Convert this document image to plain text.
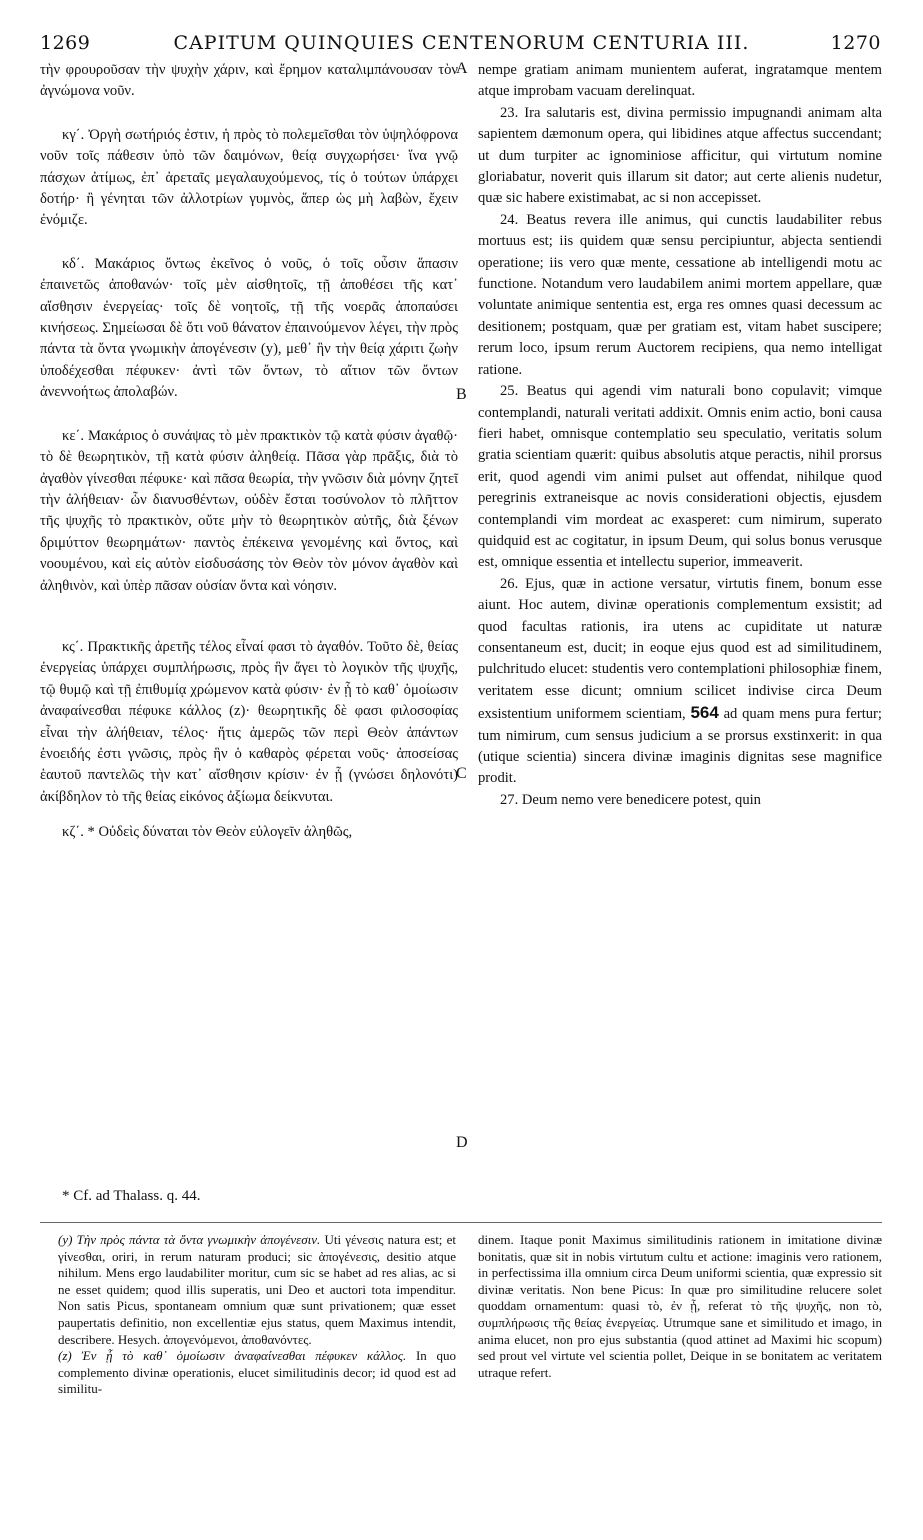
1269	CAPITUM QUINQUIES CENTENORUM CENTURIA III.	1270
A
B
C
D

τὴν φρουροῦσαν τὴν ψυχὴν χάριν, καὶ ἔρημον καταλιμπάνουσαν τὸν ἀγνώμονα νοῦν.

κγ΄. Ὀργὴ σωτήριός ἐστιν, ἡ πρὸς τὸ πολεμεῖσθαι τὸν ὑψηλόφρονα νοῦν τοῖς πάθεσιν ὑπὸ τῶν δαιμόνων, θείᾳ συγχωρήσει· ἵνα γνῷ πάσχων ἀτίμως, ἐπ᾽ ἀρεταῖς μεγαλαυχούμενος, τίς ὁ τούτων ὑπάρχει δοτήρ· ἢ γένηται τῶν ἀλλοτρίων γυμνὸς, ἅπερ ὡς μὴ λαβὼν, ἔχειν ἐνόμιζε.

κδ΄. Μακάριος ὄντως ἐκεῖνος ὁ νοῦς, ὁ τοῖς οὖσιν ἅπασιν ἐπαινετῶς ἀποθανών· τοῖς μὲν αἰσθητοῖς, τῇ ἀποθέσει τῆς κατ᾽ αἴσθησιν ἐνεργείας· τοῖς δὲ νοητοῖς, τῇ τῆς νοερᾶς ἀποπαύσει κινήσεως. Σημείωσαι δὲ ὅτι νοῦ θάνατον ἐπαινούμενον λέγει, τὴν πρὸς πάντα τὰ ὄντα γνωμικὴν ἀπογένεσιν (y), μεθ᾽ ἣν τὴν θείᾳ χάριτι ζωὴν ὑποδέχεσθαι πέφυκεν· ἀντὶ τῶν ὄντων, τὸ αἴτιον τῶν ὄντων ἀνεννοήτως ἀπολαβών.

κε΄. Μακάριος ὁ συνάψας τὸ μὲν πρακτικὸν τῷ κατὰ φύσιν ἀγαθῷ· τὸ δὲ θεωρητικὸν, τῇ κατὰ φύσιν ἀληθείᾳ. Πᾶσα γὰρ πρᾶξις, διὰ τὸ ἀγαθὸν γίνεσθαι πέφυκε· καὶ πᾶσα θεωρία, τὴν γνῶσιν διὰ μόνην ζητεῖ τὴν ἀλήθειαν· ὧν διανυσθέντων, οὐδὲν ἔσται τοσύνολον τὸ πλῆττον τῆς ψυχῆς τὸ πρακτικὸν, οὔτε μὴν τὸ θεωρητικὸν αὐτῆς, διὰ ξένων δριμύττον θεωρημάτων· παντὸς ἐπέκεινα γενομένης καὶ ὄντος, καὶ νοουμένου, καὶ εἰς αὐτὸν εἰσδυσάσης τὸν Θεὸν τὸν μόνον ἀγαθὸν καὶ ἀληθινὸν, καὶ ὑπὲρ πᾶσαν οὐσίαν ὄντα καὶ νόησιν.

κς΄. Πρακτικῆς ἀρετῆς τέλος εἶναί φασι τὸ ἀγαθόν. Τοῦτο δὲ, θείας ἐνεργείας ὑπάρχει συμπλήρωσις, πρὸς ἣν ἄγει τὸ λογικὸν τῆς ψυχῆς, τῷ θυμῷ καὶ τῇ ἐπιθυμίᾳ χρώμενον κατὰ φύσιν· ἐν ᾗ τὸ καθ᾽ ὁμοίωσιν ἀναφαίνεσθαι πέφυκε κάλλος (z)· θεωρητικῆς δὲ φασι φιλοσοφίας εἶναι τὴν ἀλήθειαν, τέλος· ἥτις ἀμερῶς τῶν περὶ Θεὸν ἁπάντων ἑνοειδής ἐστι γνῶσις, πρὸς ἣν ὁ καθαρὸς φέρεται νοῦς· ἀποσείσας ἑαυτοῦ παντελῶς τὴν κατ᾽ αἴσθησιν κρίσιν· ἐν ᾗ (γνώσει δηλονότι) ἀκίβδηλον τὸ τῆς θείας εἰκόνος ἀξίωμα δείκνυται.

κζ΄. * Οὐδεὶς δύναται τὸν Θεὸν εὐλογεῖν ἀληθῶς,

nempe gratiam animam munientem auferat, ingratamque mentem atque improbam vacuam derelinquat.

23. Ira salutaris est, divina permissio impugnandi animam alta sapientem dæmonum opera, qui libidines atque affectus succendant; ut dum turpiter ac ignominiose afficitur, qui virtutum nomine gloriabatur, noverit quis illarum sit dator; aut certe alienis nudetur, quæ sic habere existimabat, ac si non accepisset.

24. Beatus revera ille animus, qui cunctis laudabiliter rebus mortuus est; iis quidem quæ sensu percipiuntur, abjecta sentiendi operatione; iis vero quæ mente, cessatione ab intelligendi motu ac functione. Notandum vero laudabilem animi mortem appellare, quæ voluntate animique sententia est, erga res omnes quasi decessum ac desitionem; postquam, quæ per gratiam est, vitam habet suscipere; rerum loco, ipsum rerum Auctorem recipiens, qua nemo intelligat ratione.

25. Beatus qui agendi vim naturali bono copulavit; vimque contemplandi, naturali veritati addixit. Omnis enim actio, boni causa fieri habet, omnisque contemplatio seu speculatio, veritatis solum gratia scientiam quærit: quibus absolutis atque peractis, nihil prorsus erit, quod agendi vim animi pulset aut offendat, nihilque quod peregrinis extraneisque ac novis considerationi objectis, ejusdem contemplandi vim mordeat ac exasperet: cum nimirum, superato quidquid est ac cogitatur, in ipsum Deum, qui solus bonus verusque est, omnique essentia et intellectu superior, immeaverit.

26. Ejus, quæ in actione versatur, virtutis finem, bonum esse aiunt. Hoc autem, divinæ operationis complementum exsistit; ad quod facultas rationis, ira utens ac cupiditate ut naturæ consentaneum est, ducit; in eoque ejus quod est ad similitudinem, pulchritudo elucet: studentis vero contemplationi philosophiæ finem, veritatem esse dicunt; omnium scilicet indivise circa Deum exsistentium uniformem scientiam, 564 ad quam mens pura fertur; tum nimirum, cum sensus judicium a se prorsus exstinxerit: in qua (utique scientia) sincera divinæ imaginis dignitas sese magnifice prodit.

27. Deum nemo vere benedicere potest, quin

* Cf. ad Thalass. q. 44.

(y) Τὴν πρὸς πάντα τὰ ὄντα γνωμικὴν ἀπογένεσιν. Uti γένεσις natura est; et γίνεσθαι, oriri, in rerum naturam produci; sic ἀπογένεσις, desitio atque nihilum. Mens ergo laudabiliter moritur, cum sic se habet ad res alias, ac si ne esset quidem; quod illis superatis, uni Deo et auctori tota impenditur. Non satis Picus, spontaneam omnium quæ sunt privationem; quæ esset paupertatis definitio, non excellentiæ ejus status, quem Maximus intendit, describere. Hesych. ἀπογενόμενοι, ἀποθανόντες.

(z) Ἐν ᾗ τὸ καθ᾽ ὁμοίωσιν ἀναφαίνεσθαι πέφυκεν κάλλος. In quo complemento divinæ operationis, elucet similitudinis decor; id quod est ad similitu-

dinem. Itaque ponit Maximus similitudinis rationem in imitatione divinæ bonitatis, quæ sit in nobis virtutum cultu et actione: imaginis vero rationem, in perfectissima illa omnium circa Deum uniformi scientia, quæ expressio sit divinæ veritatis. Non bene Picus: In quæ pro similitudine relucere solet quoddam ornamentum: quasi τὸ, ἐν ᾗ, referat τὸ τῆς ψυχῆς, non τὸ, συμπλήρωσις τῆς θείας ἐνεργείας. Utrumque sane et similitudo et imago, in anima elucet, non pro ejus substantia (quod attinet ad Maximi hic scopum) sed prout vel virtute vel scientia pollet, Deique in se bonitatem ac veritatem utraque refert.
